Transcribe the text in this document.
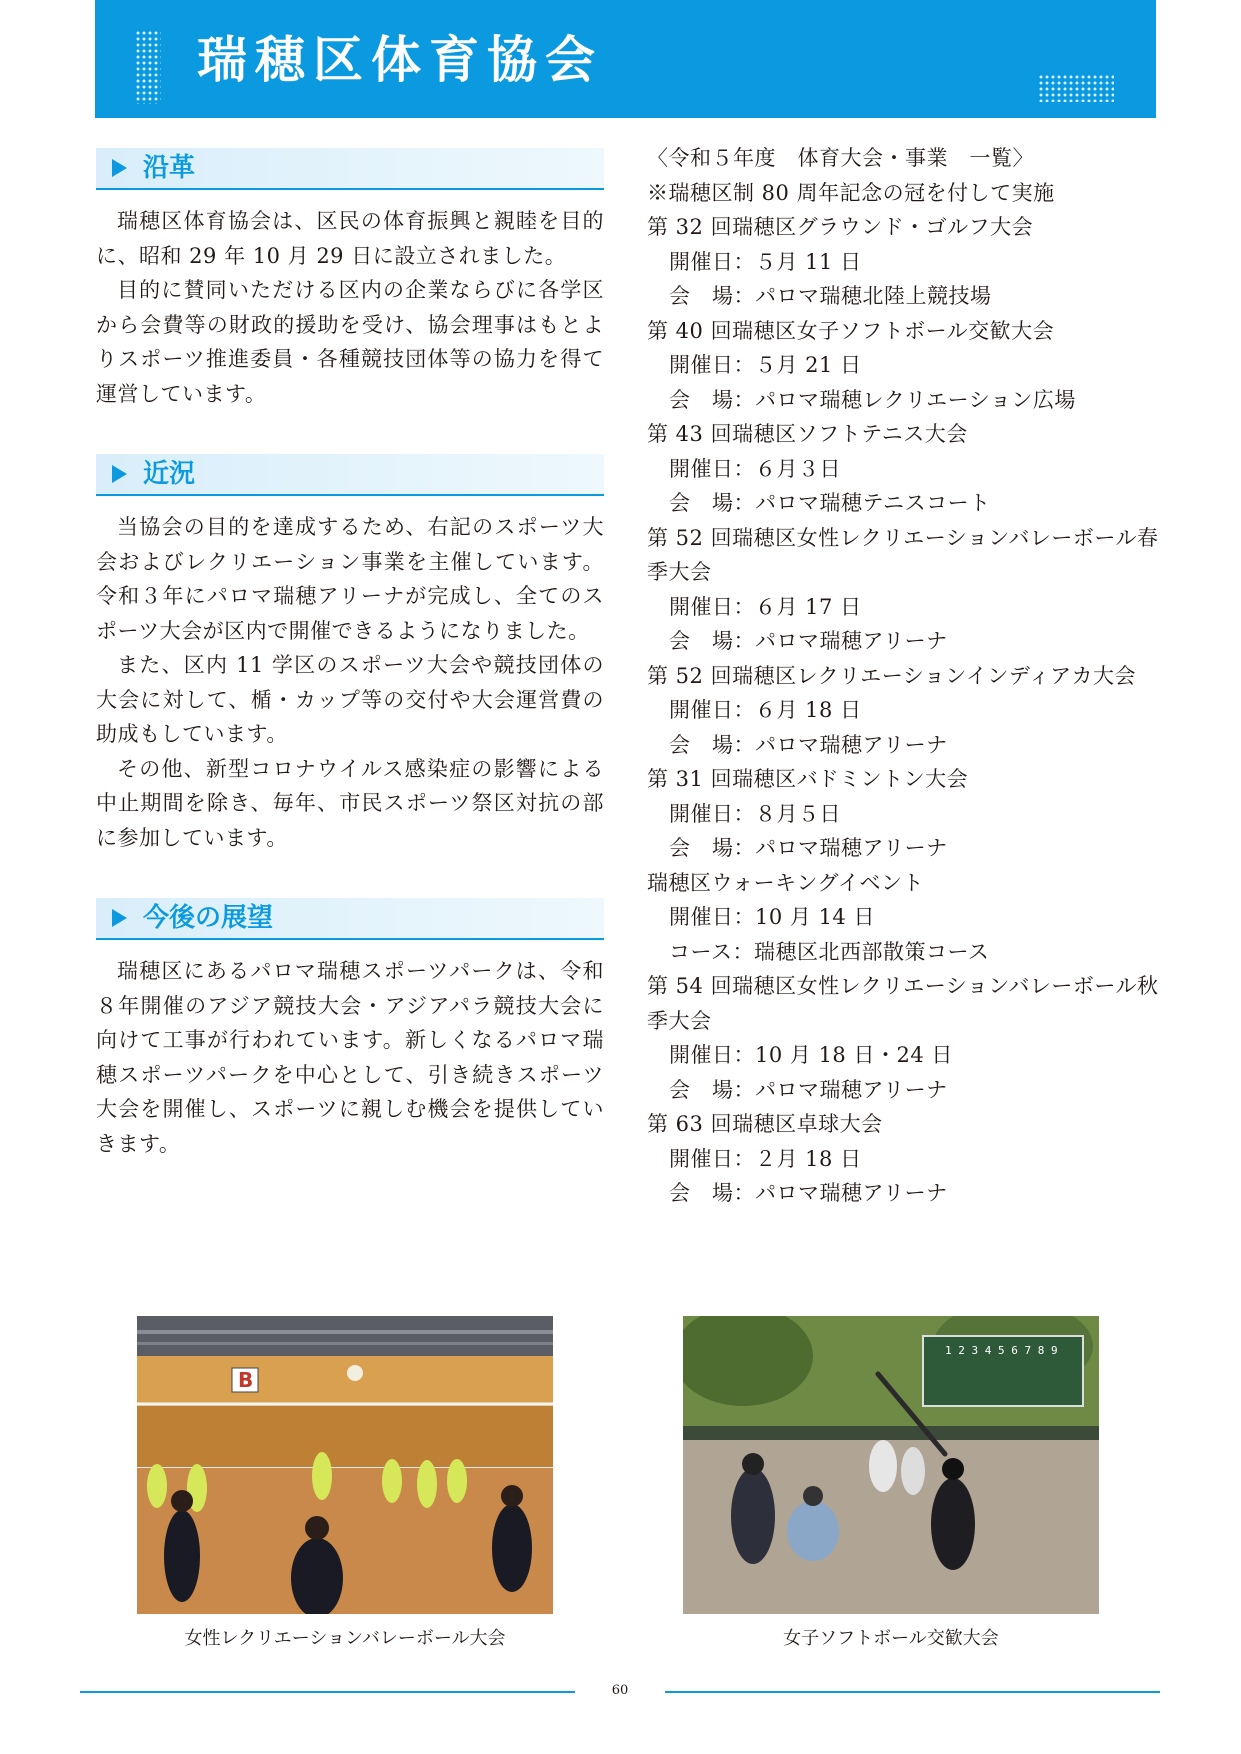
瑞穂区体育協会
沿革

瑞穂区体育協会は、区民の体育振興と親睦を目的に、昭和 29 年 10 月 29 日に設立されました。

目的に賛同いただける区内の企業ならびに各学区から会費等の財政的援助を受け、協会理事はもとよりスポーツ推進委員・各種競技団体等の協力を得て運営しています。

近況

当協会の目的を達成するため、右記のスポーツ大会およびレクリエーション事業を主催しています。令和３年にパロマ瑞穂アリーナが完成し、全てのスポーツ大会が区内で開催できるようになりました。

また、区内 11 学区のスポーツ大会や競技団体の大会に対して、楯・カップ等の交付や大会運営費の助成もしています。

その他、新型コロナウイルス感染症の影響による中止期間を除き、毎年、市民スポーツ祭区対抗の部に参加しています。

今後の展望

瑞穂区にあるパロマ瑞穂スポーツパークは、令和８年開催のアジア競技大会・アジアパラ競技大会に向けて工事が行われています。新しくなるパロマ瑞穂スポーツパークを中心として、引き続きスポーツ大会を開催し、スポーツに親しむ機会を提供していきます。

〈令和５年度　体育大会・事業　一覧〉

※瑞穂区制 80 周年記念の冠を付して実施

第 32 回瑞穂区グラウンド・ゴルフ大会

開催日：５月 11 日

会　場：パロマ瑞穂北陸上競技場

第 40 回瑞穂区女子ソフトボール交歓大会

開催日：５月 21 日

会　場：パロマ瑞穂レクリエーション広場

第 43 回瑞穂区ソフトテニス大会

開催日：６月３日

会　場：パロマ瑞穂テニスコート

第 52 回瑞穂区女性レクリエーションバレーボール春季大会

開催日：６月 17 日

会　場：パロマ瑞穂アリーナ

第 52 回瑞穂区レクリエーションインディアカ大会

開催日：６月 18 日

会　場：パロマ瑞穂アリーナ

第 31 回瑞穂区バドミントン大会

開催日：８月５日

会　場：パロマ瑞穂アリーナ

瑞穂区ウォーキングイベント

開催日：10 月 14 日

コース：瑞穂区北西部散策コース

第 54 回瑞穂区女性レクリエーションバレーボール秋季大会

開催日：10 月 18 日・24 日

会　場：パロマ瑞穂アリーナ

第 63 回瑞穂区卓球大会

開催日：２月 18 日

会　場：パロマ瑞穂アリーナ

B
女性レクリエーションバレーボール大会
1 2 3 4 5 6 7 8 9
女子ソフトボール交歓大会
60
